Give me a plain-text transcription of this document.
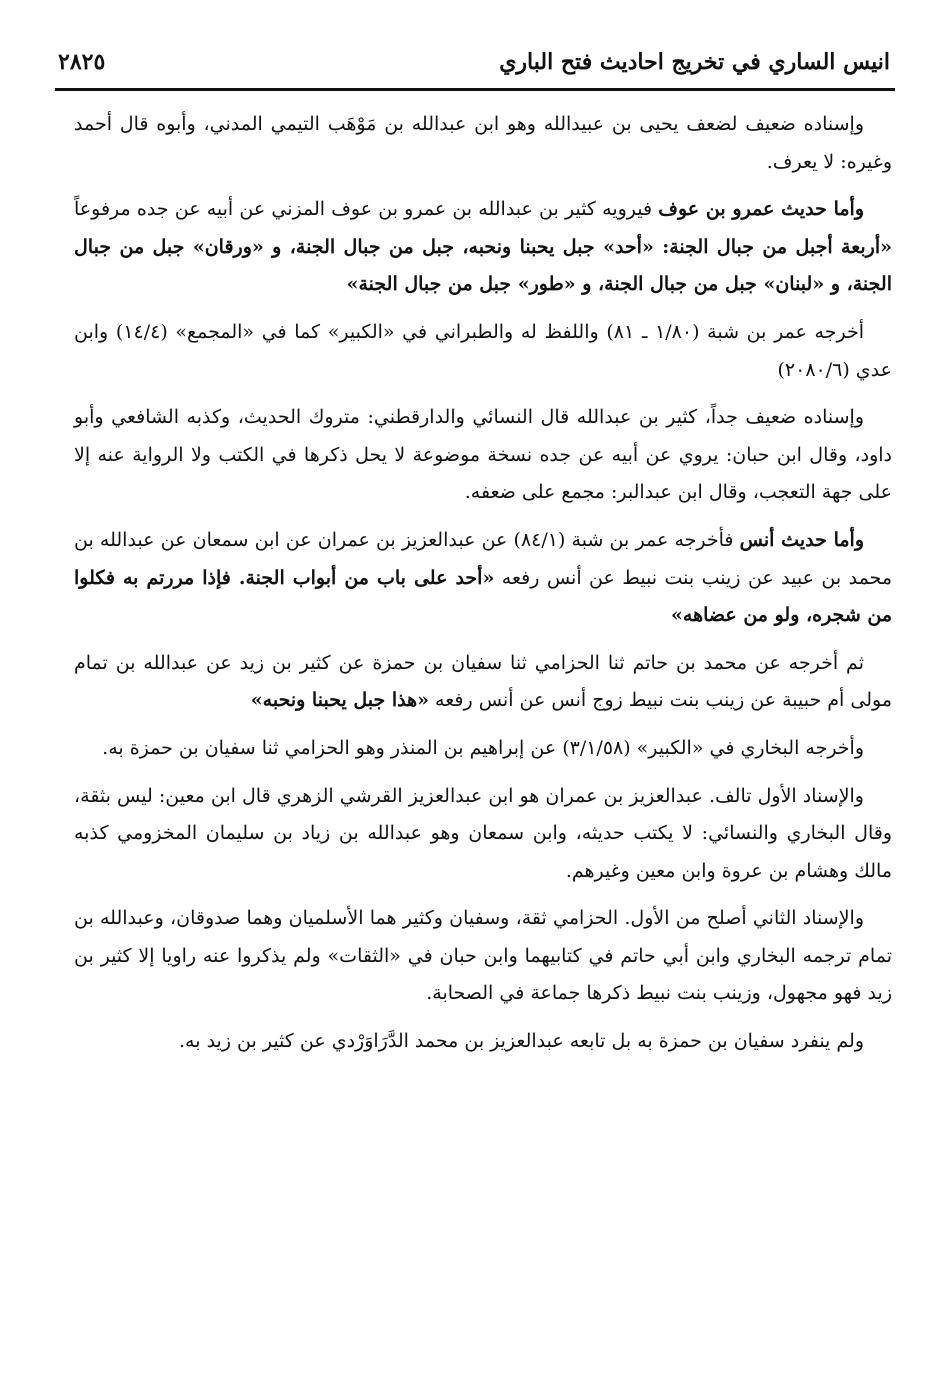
انيس الساري في تخريج احاديث فتح الباري
٢٨٢٥

وإسناده ضعيف لضعف يحيى بن عبيدالله وهو ابن عبدالله بن مَوْهَب التيمي المدني، وأبوه قال أحمد وغيره: لا يعرف.

وأما حديث عمرو بن عوف فيرويه كثير بن عبدالله بن عمرو بن عوف المزني عن أبيه عن جده مرفوعاً «أربعة أجبل من جبال الجنة: «أحد» جبل يحبنا ونحبه، جبل من جبال الجنة، و «ورقان» جبل من جبال الجنة، و «لبنان» جبل من جبال الجنة، و «طور» جبل من جبال الجنة»

أخرجه عمر بن شبة (١/٨٠ ـ ٨١) واللفظ له والطبراني في «الكبير» كما في «المجمع» (١٤/٤) وابن عدي (٢٠٨٠/٦)

وإسناده ضعيف جداً، كثير بن عبدالله قال النسائي والدارقطني: متروك الحديث، وكذبه الشافعي وأبو داود، وقال ابن حبان: يروي عن أبيه عن جده نسخة موضوعة لا يحل ذكرها في الكتب ولا الرواية عنه إلا على جهة التعجب، وقال ابن عبدالبر: مجمع على ضعفه.

وأما حديث أنس فأخرجه عمر بن شبة (٨٤/١) عن عبدالعزيز بن عمران عن ابن سمعان عن عبدالله بن محمد بن عبيد عن زينب بنت نبيط عن أنس رفعه «أحد على باب من أبواب الجنة. فإذا مررتم به فكلوا من شجره، ولو من عضاهه»

ثم أخرجه عن محمد بن حاتم ثنا الحزامي ثنا سفيان بن حمزة عن كثير بن زيد عن عبدالله بن تمام مولى أم حبيبة عن زينب بنت نبيط زوج أنس عن أنس رفعه «هذا جبل يحبنا ونحبه»

وأخرجه البخاري في «الكبير» (٣/١/٥٨) عن إبراهيم بن المنذر وهو الحزامي ثنا سفيان بن حمزة به.

والإسناد الأول تالف. عبدالعزيز بن عمران هو ابن عبدالعزيز القرشي الزهري قال ابن معين: ليس بثقة، وقال البخاري والنسائي: لا يكتب حديثه، وابن سمعان وهو عبدالله بن زياد بن سليمان المخزومي كذبه مالك وهشام بن عروة وابن معين وغيرهم.

والإسناد الثاني أصلح من الأول. الحزامي ثقة، وسفيان وكثير هما الأسلميان وهما صدوقان، وعبدالله بن تمام ترجمه البخاري وابن أبي حاتم في كتابيهما وابن حبان في «الثقات» ولم يذكروا عنه راويا إلا كثير بن زيد فهو مجهول، وزينب بنت نبيط ذكرها جماعة في الصحابة.

ولم ينفرد سفيان بن حمزة به بل تابعه عبدالعزيز بن محمد الدَّرَاوَرْدي عن كثير بن زيد به.
